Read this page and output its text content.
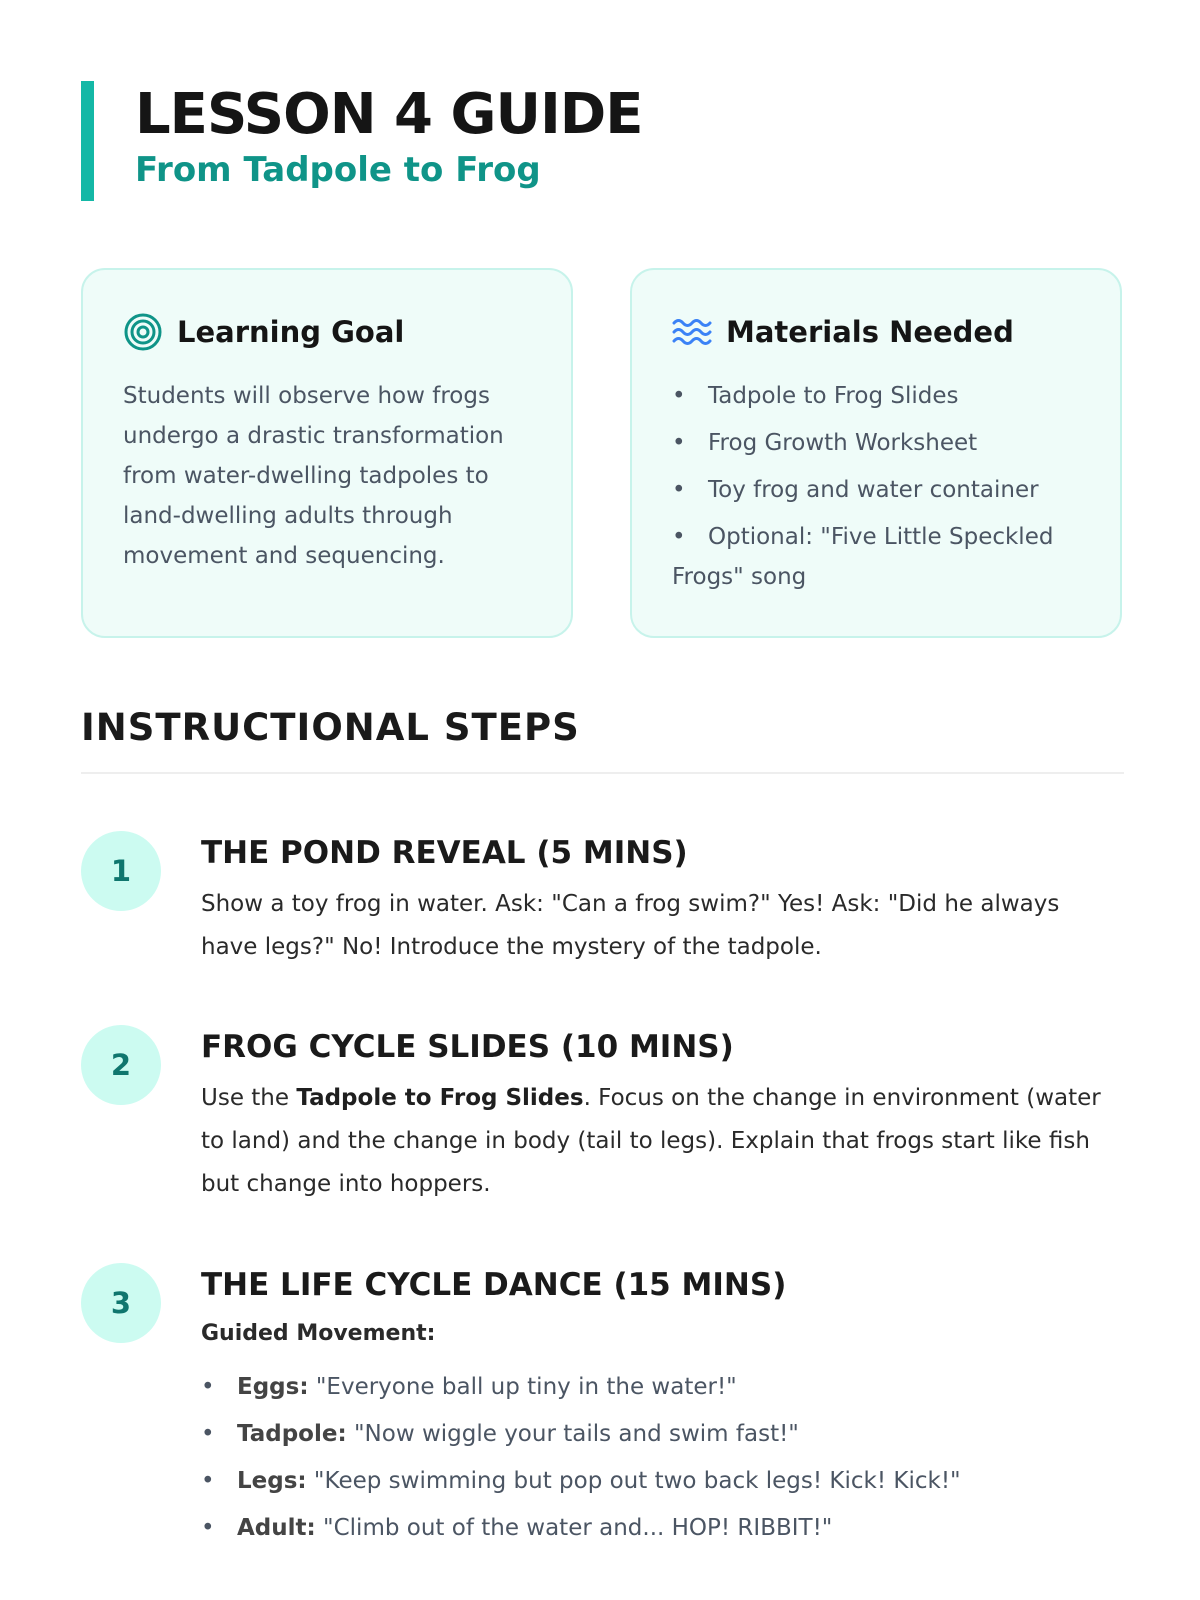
LESSON 4 GUIDE
From Tadpole to Frog
Learning Goal

Students will observe how frogs undergo a drastic transformation from water-dwelling tadpoles to land-dwelling adults through movement and sequencing.

Materials Needed
• Tadpole to Frog Slides
• Frog Growth Worksheet
• Toy frog and water container
• Optional: "Five Little Speckled Frogs" song
INSTRUCTIONAL STEPS
1	THE POND REVEAL (5 MINS)

Show a toy frog in water. Ask: "Can a frog swim?" Yes! Ask: "Did he always have legs?" No! Introduce the mystery of the tadpole.

2	FROG CYCLE SLIDES (10 MINS)

Use the Tadpole to Frog Slides. Focus on the change in environment (water to land) and the change in body (tail to legs). Explain that frogs start like fish but change into hoppers.

3	THE LIFE CYCLE DANCE (15 MINS)

Guided Movement:

• Eggs: "Everyone ball up tiny in the water!"
• Tadpole: "Now wiggle your tails and swim fast!"
• Legs: "Keep swimming but pop out two back legs! Kick! Kick!"
• Adult: "Climb out of the water and... HOP! RIBBIT!"
